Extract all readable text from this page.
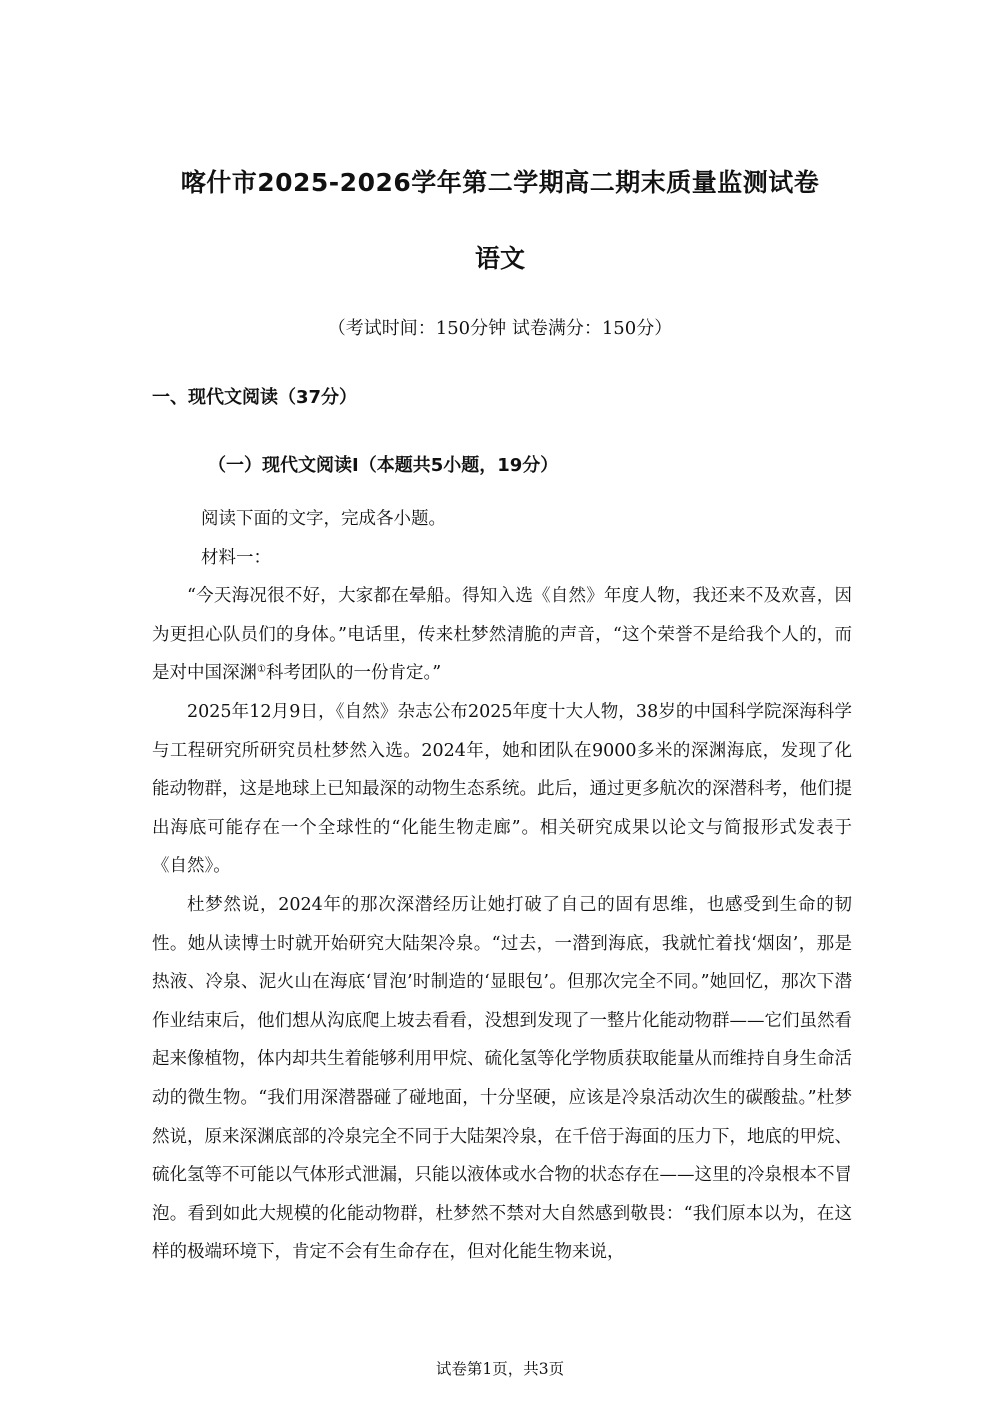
喀什市2025-2026学年第二学期高二期末质量监测试卷
语文
（考试时间：150分钟 试卷满分：150分）
一、现代文阅读（37分）
（一）现代文阅读Ⅰ（本题共5小题，19分）

阅读下面的文字，完成各小题。

材料一：

“今天海况很不好，大家都在晕船。得知入选《自然》年度人物，我还来不及欢喜，因为更担心队员们的身体。”电话里，传来杜梦然清脆的声音，“这个荣誉不是给我个人的，而是对中国深渊①科考团队的一份肯定。”

2025年12月9日，《自然》杂志公布2025年度十大人物，38岁的中国科学院深海科学与工程研究所研究员杜梦然入选。2024年，她和团队在9000多米的深渊海底，发现了化能动物群，这是地球上已知最深的动物生态系统。此后，通过更多航次的深潜科考，他们提出海底可能存在一个全球性的“化能生物走廊”。相关研究成果以论文与简报形式发表于《自然》。

杜梦然说，2024年的那次深潜经历让她打破了自己的固有思维，也感受到生命的韧性。她从读博士时就开始研究大陆架冷泉。“过去，一潜到海底，我就忙着找‘烟囱’，那是热液、冷泉、泥火山在海底‘冒泡’时制造的‘显眼包’。但那次完全不同。”她回忆，那次下潜作业结束后，他们想从沟底爬上坡去看看，没想到发现了一整片化能动物群——它们虽然看起来像植物，体内却共生着能够利用甲烷、硫化氢等化学物质获取能量从而维持自身生命活动的微生物。“我们用深潜器碰了碰地面，十分坚硬，应该是冷泉活动次生的碳酸盐。”杜梦然说，原来深渊底部的冷泉完全不同于大陆架冷泉，在千倍于海面的压力下，地底的甲烷、硫化氢等不可能以气体形式泄漏，只能以液体或水合物的状态存在——这里的冷泉根本不冒泡。看到如此大规模的化能动物群，杜梦然不禁对大自然感到敬畏：“我们原本以为，在这样的极端环境下，肯定不会有生命存在，但对化能生物来说，

试卷第1页，共3页
